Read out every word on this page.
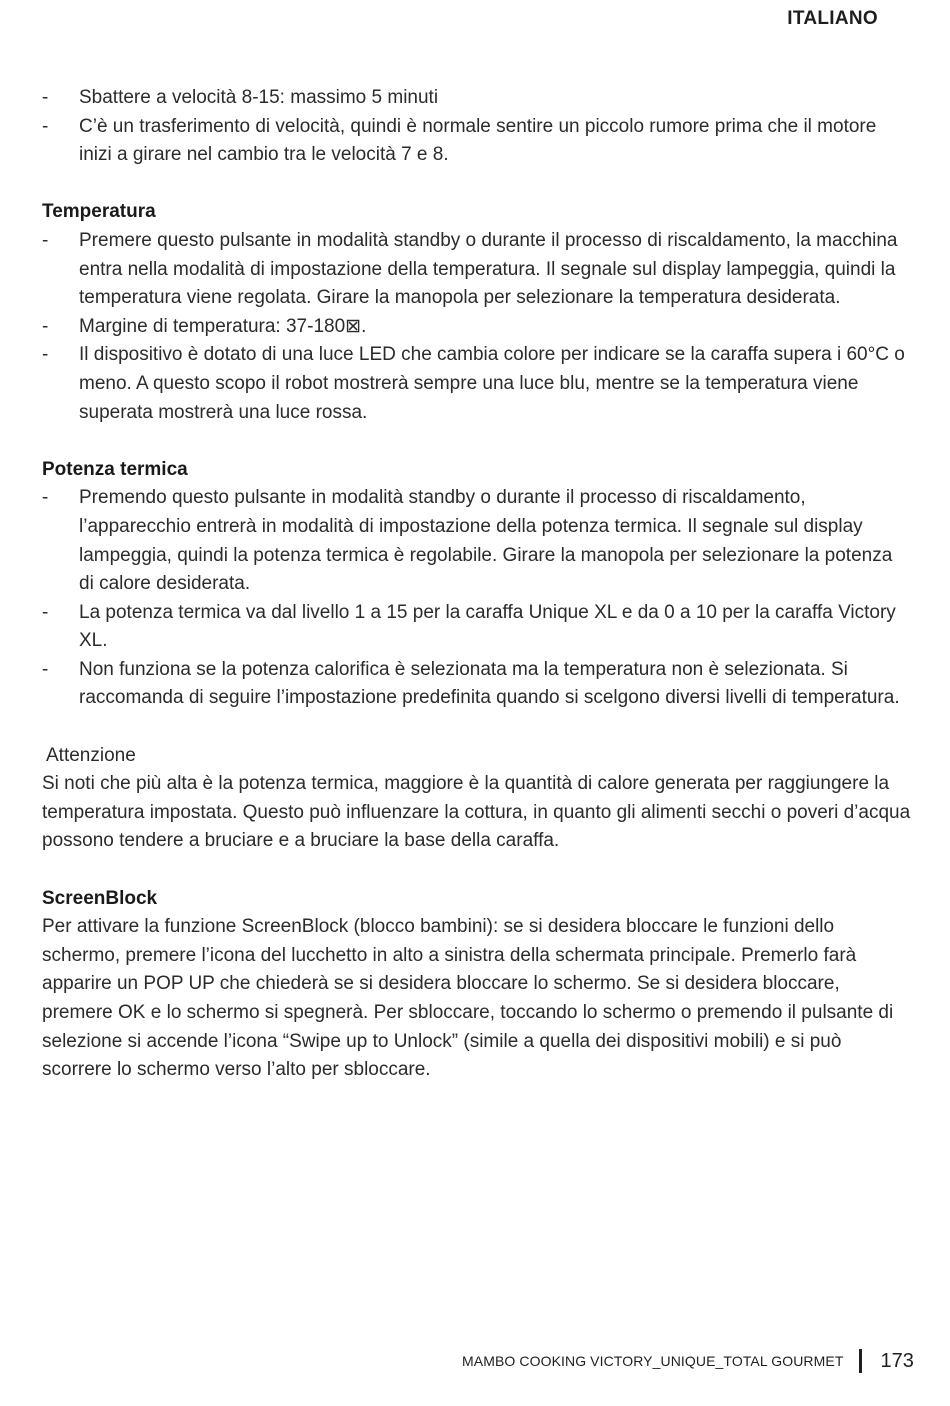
ITALIANO
- Sbattere a velocità 8-15: massimo 5 minuti
- C’è un trasferimento di velocità, quindi è normale sentire un piccolo rumore prima che il motore inizi a girare nel cambio tra le velocità 7 e 8.
Temperatura
- Premere questo pulsante in modalità standby o durante il processo di riscaldamento, la macchina entra nella modalità di impostazione della temperatura. Il segnale sul display lampeggia, quindi la temperatura viene regolata. Girare la manopola per selezionare la temperatura desiderata.
- Margine di temperatura: 37-180⊠.
- Il dispositivo è dotato di una luce LED che cambia colore per indicare se la caraffa supera i 60°C o meno. A questo scopo il robot mostrerà sempre una luce blu, mentre se la temperatura viene superata mostrerà una luce rossa.
Potenza termica
- Premendo questo pulsante in modalità standby o durante il processo di riscaldamento, l’apparecchio entrerà in modalità di impostazione della potenza termica. Il segnale sul display lampeggia, quindi la potenza termica è regolabile. Girare la manopola per selezionare la potenza di calore desiderata.
- La potenza termica va dal livello 1 a 15 per la caraffa Unique XL e da 0 a 10 per la caraffa Victory XL.
- Non funziona se la potenza calorifica è selezionata ma la temperatura non è selezionata. Si raccomanda di seguire l’impostazione predefinita quando si scelgono diversi livelli di temperatura.
Attenzione

Si noti che più alta è la potenza termica, maggiore è la quantità di calore generata per raggiungere la temperatura impostata. Questo può influenzare la cottura, in quanto gli alimenti secchi o poveri d’acqua possono tendere a bruciare e a bruciare la base della caraffa.

ScreenBlock

Per attivare la funzione ScreenBlock (blocco bambini): se si desidera bloccare le funzioni dello schermo, premere l’icona del lucchetto in alto a sinistra della schermata principale. Premerlo farà apparire un POP UP che chiederà se si desidera bloccare lo schermo. Se si desidera bloccare, premere OK e lo schermo si spegnerà. Per sbloccare, toccando lo schermo o premendo il pulsante di selezione si accende l’icona “Swipe up to Unlock” (simile a quella dei dispositivi mobili) e si può scorrere lo schermo verso l’alto per sbloccare.

MAMBO COOKING VICTORY_UNIQUE_TOTAL GOURMET 173
